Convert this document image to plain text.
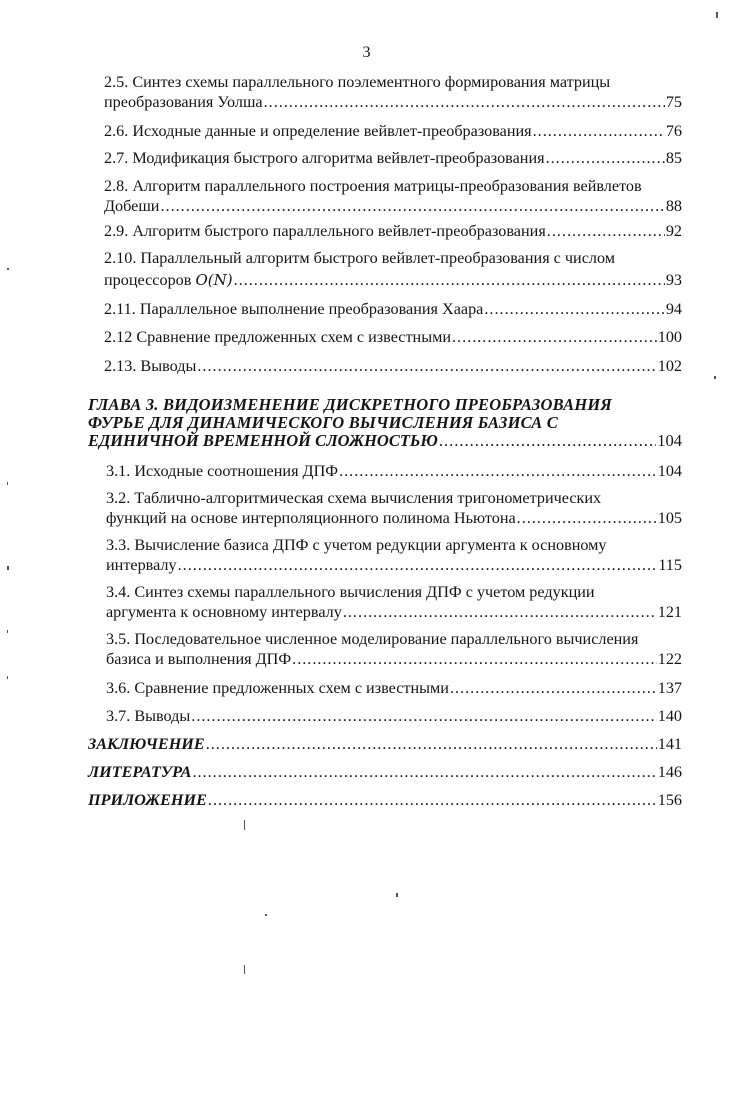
3
2.5. Синтез схемы параллельного поэлементного формирования матрицы
преобразования Уолша .....	75
2.6. Исходные данные и определение вейвлет-преобразования .....	76
2.7. Модификация быстрого алгоритма вейвлет-преобразования .....	85
2.8. Алгоритм параллельного построения матрицы-преобразования вейвлетов
Добеши .....	88
2.9. Алгоритм быстрого параллельного вейвлет-преобразования .....	92
2.10. Параллельный алгоритм быстрого вейвлет-преобразования с числом
процессоров O(N) .....	93
2.11. Параллельное выполнение преобразования Хаара .....	94
2.12 Сравнение предложенных схем с известными .....	100
2.13. Выводы .....	102
ГЛАВА 3. ВИДОИЗМЕНЕНИЕ ДИСКРЕТНОГО ПРЕОБРАЗОВАНИЯ
ФУРЬЕ ДЛЯ ДИНАМИЧЕСКОГО ВЫЧИСЛЕНИЯ БАЗИСА С
ЕДИНИЧНОЙ ВРЕМЕННОЙ СЛОЖНОСТЬЮ .....	104
3.1. Исходные соотношения ДПФ .....	104
3.2. Таблично-алгоритмическая схема вычисления тригонометрических
функций на основе интерполяционного полинома Ньютона .....	105
3.3. Вычисление базиса ДПФ с учетом редукции аргумента к основному
интервалу .....	115
3.4. Синтез схемы параллельного вычисления ДПФ с учетом редукции
аргумента к основному интервалу .....	121
3.5. Последовательное численное моделирование параллельного вычисления
базиса и выполнения ДПФ .....	122
3.6. Сравнение предложенных схем с известными .....	137
3.7. Выводы .....	140
ЗАКЛЮЧЕНИЕ .....	141
ЛИТЕРАТУРА .....	146
ПРИЛОЖЕНИЕ .....	156
